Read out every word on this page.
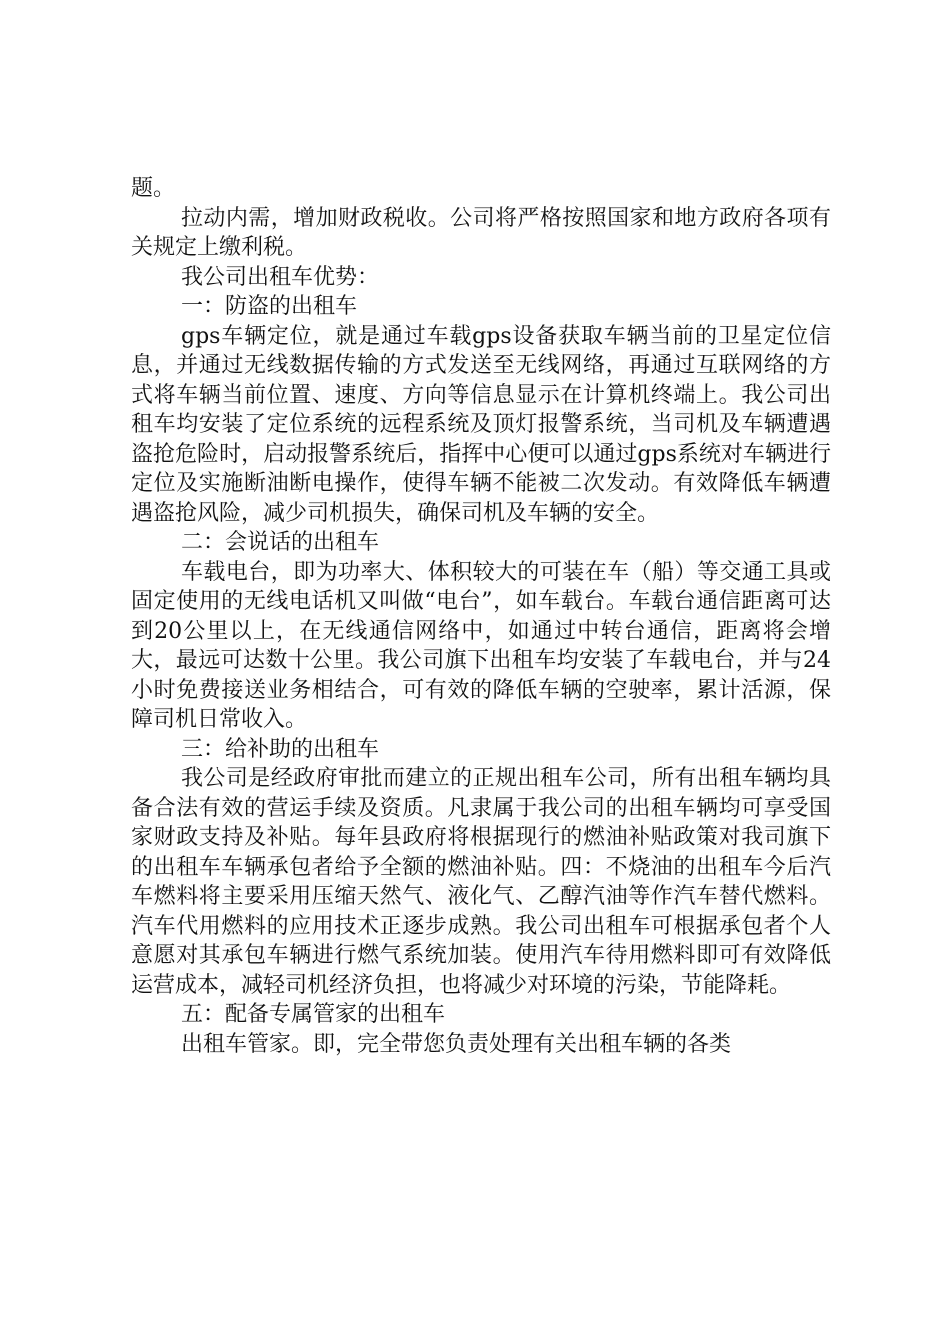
题。

拉动内需，增加财政税收。公司将严格按照国家和地方政府各项有关规定上缴利税。

我公司出租车优势：

一：防盗的出租车

gps车辆定位，就是通过车载gps设备获取车辆当前的卫星定位信息，并通过无线数据传输的方式发送至无线网络，再通过互联网络的方式将车辆当前位置、速度、方向等信息显示在计算机终端上。我公司出租车均安装了定位系统的远程系统及顶灯报警系统，当司机及车辆遭遇盗抢危险时，启动报警系统后，指挥中心便可以通过gps系统对车辆进行定位及实施断油断电操作，使得车辆不能被二次发动。有效降低车辆遭遇盗抢风险，减少司机损失，确保司机及车辆的安全。

二：会说话的出租车

车载电台，即为功率大、体积较大的可装在车（船）等交通工具或固定使用的无线电话机又叫做“电台”，如车载台。车载台通信距离可达到20公里以上，在无线通信网络中，如通过中转台通信，距离将会增大，最远可达数十公里。我公司旗下出租车均安装了车载电台，并与24小时免费接送业务相结合，可有效的降低车辆的空驶率，累计活源，保障司机日常收入。

三：给补助的出租车

我公司是经政府审批而建立的正规出租车公司，所有出租车辆均具备合法有效的营运手续及资质。凡隶属于我公司的出租车辆均可享受国家财政支持及补贴。每年县政府将根据现行的燃油补贴政策对我司旗下的出租车车辆承包者给予全额的燃油补贴。四：不烧油的出租车今后汽车燃料将主要采用压缩天然气、液化气、乙醇汽油等作汽车替代燃料。汽车代用燃料的应用技术正逐步成熟。我公司出租车可根据承包者个人意愿对其承包车辆进行燃气系统加装。使用汽车待用燃料即可有效降低运营成本，减轻司机经济负担，也将减少对环境的污染，节能降耗。

五：配备专属管家的出租车

出租车管家。即，完全带您负责处理有关出租车辆的各类
